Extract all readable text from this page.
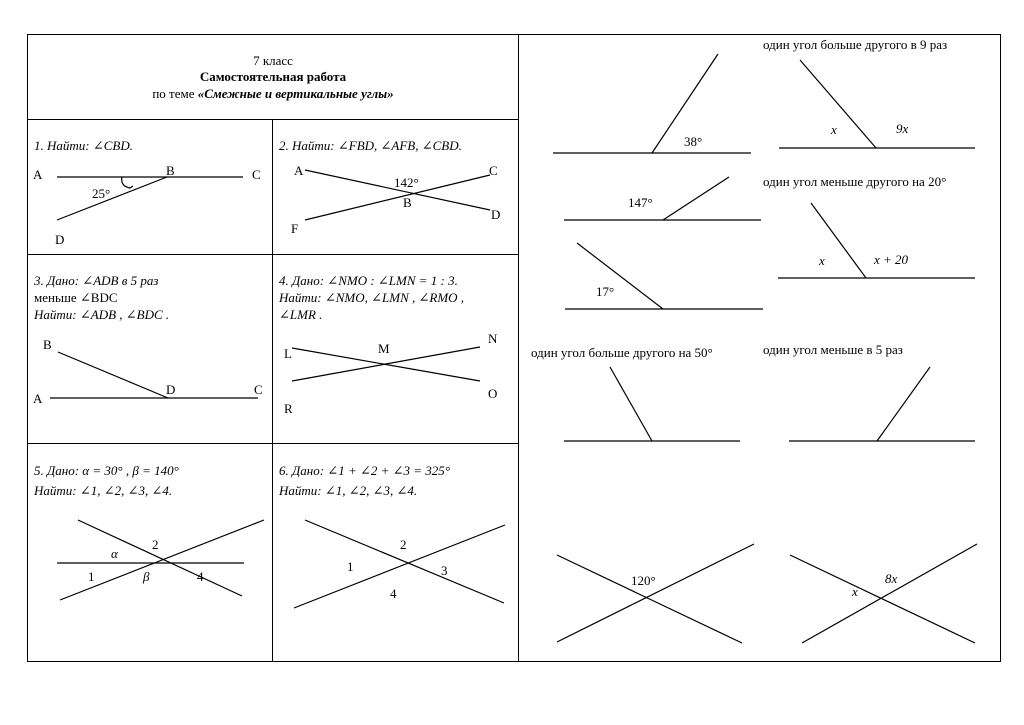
7 класс
Самостоятельная работа
по теме «Смежные и вертикальные углы»
1. Найти: ∠CBD.
A	B	C
D
25°
2. Найти: ∠FBD, ∠AFB, ∠CBD.
A	C
B
D
F
142°
3. Дано: ∠ADB в 5 раз
меньше ∠BDC
Найти: ∠ADB , ∠BDC .
B
A
D	C
4. Дано: ∠NMO : ∠LMN = 1 : 3.
Найти: ∠NMO, ∠LMN , ∠RMO ,
∠LMR .
L	M
N
O
R
5. Дано: α = 30° , β = 140°
Найти: ∠1, ∠2, ∠3, ∠4.
α
2
1	β	4
6. Дано: ∠1 + ∠2 + ∠3 = 325°
Найти: ∠1, ∠2, ∠3, ∠4.
1
2
3
4
один угол больше другого в 9 раз
один угол меньше другого на 20°
один угол больше другого на 50°	один угол меньше в 5 раз
38°
x	9x
147°
x	x + 20
17°
120°
x
8x
